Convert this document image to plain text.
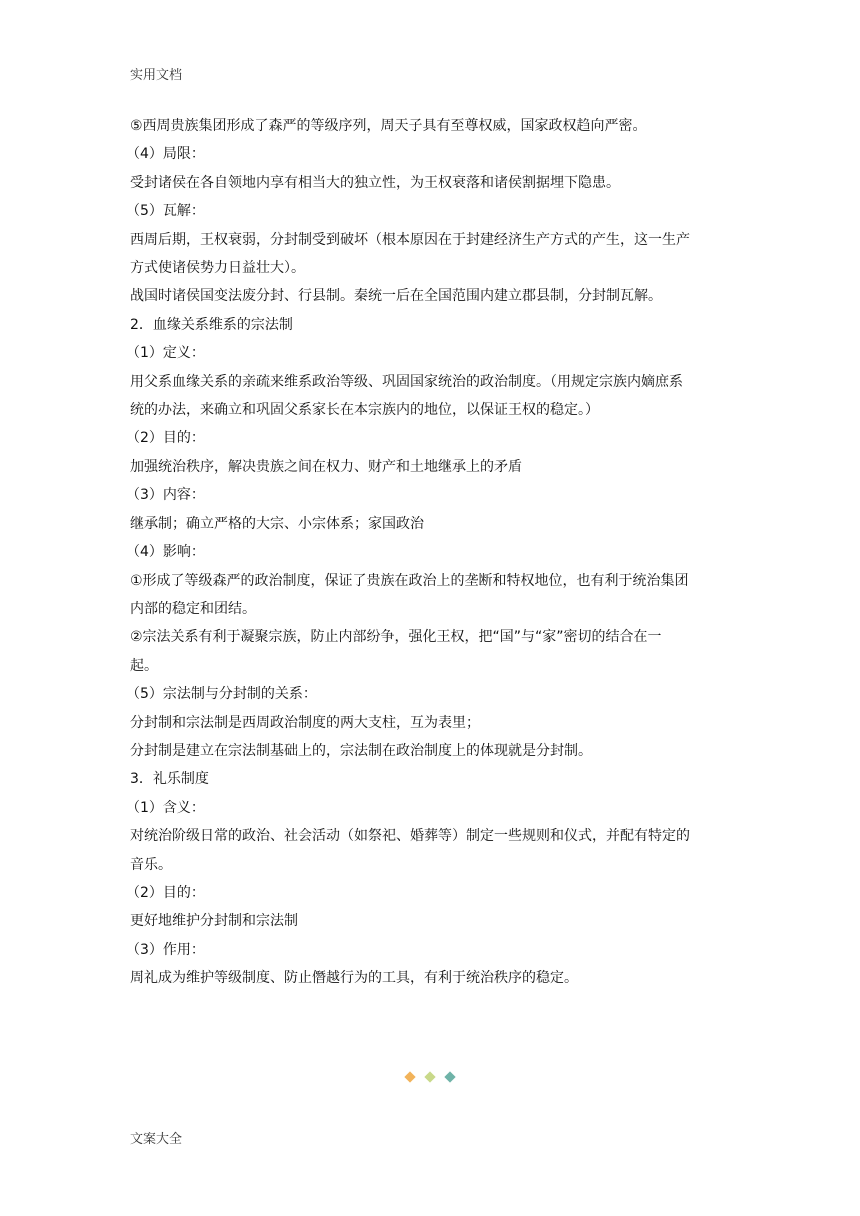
实用文档
⑤西周贵族集团形成了森严的等级序列，周天子具有至尊权威，国家政权趋向严密。
（4）局限：
受封诸侯在各自领地内享有相当大的独立性，为王权衰落和诸侯割据埋下隐患。
（5）瓦解：
西周后期，王权衰弱，分封制受到破坏（根本原因在于封建经济生产方式的产生，这一生产
方式使诸侯势力日益壮大）。
战国时诸侯国变法废分封、行县制。秦统一后在全国范围内建立郡县制，分封制瓦解。
2．血缘关系维系的宗法制
（1）定义：
用父系血缘关系的亲疏来维系政治等级、巩固国家统治的政治制度。（用规定宗族内嫡庶系
统的办法，来确立和巩固父系家长在本宗族内的地位，以保证王权的稳定。）
（2）目的：
加强统治秩序，解决贵族之间在权力、财产和土地继承上的矛盾
（3）内容：
继承制；确立严格的大宗、小宗体系；家国政治
（4）影响：
①形成了等级森严的政治制度，保证了贵族在政治上的垄断和特权地位，也有利于统治集团
内部的稳定和团结。
②宗法关系有利于凝聚宗族，防止内部纷争，强化王权，把“国”与“家”密切的结合在一
起。
（5）宗法制与分封制的关系：
分封制和宗法制是西周政治制度的两大支柱，互为表里；
分封制是建立在宗法制基础上的，宗法制在政治制度上的体现就是分封制。
3．礼乐制度
（1）含义：
对统治阶级日常的政治、社会活动（如祭祀、婚葬等）制定一些规则和仪式，并配有特定的
音乐。
（2）目的：
更好地维护分封制和宗法制
（3）作用：
周礼成为维护等级制度、防止僭越行为的工具，有利于统治秩序的稳定。
文案大全
